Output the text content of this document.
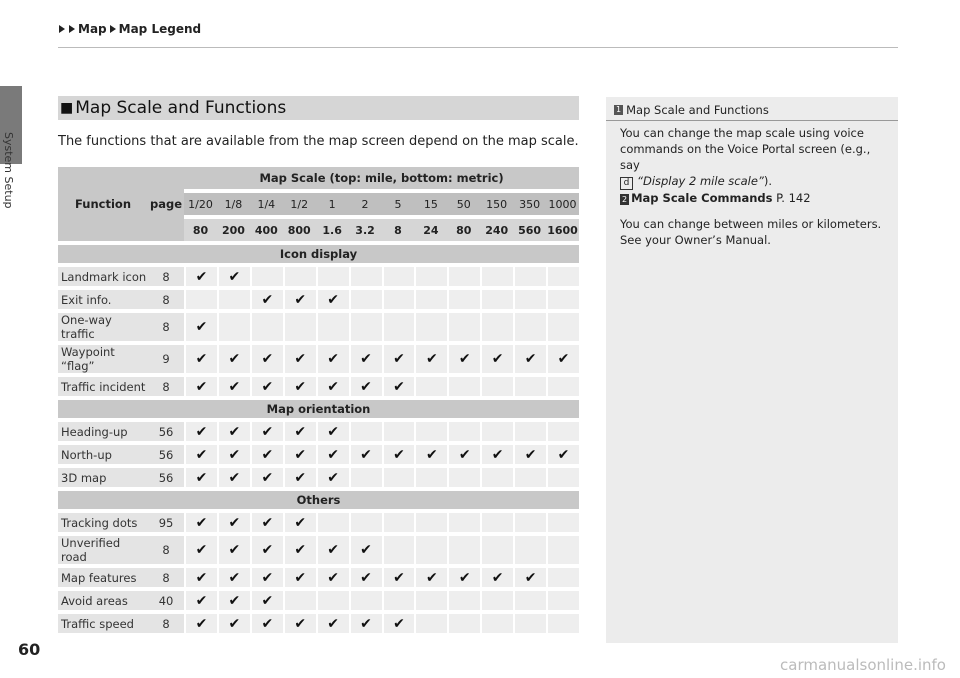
Map Map Legend
System Setup
60
■ Map Scale and Functions
The functions that are available from the map screen depend on the map scale.
Function	page	Map Scale (top: mile, bottom: metric)											
		1/20	1/8	1/4	1/2	1	2	5	15	50	150	350	1000
		80	200	400	800	1.6	3.2	8	24	80	240	560	1600
Icon display													
Landmark icon	8	✔	✔										
Exit info.	8			✔	✔	✔							
One-way traffic	8	✔											
Waypoint “flag”	9	✔	✔	✔	✔	✔	✔	✔	✔	✔	✔	✔	✔
Traffic incident	8	✔	✔	✔	✔	✔	✔	✔					
Map orientation													
Heading-up	56	✔	✔	✔	✔	✔							
North-up	56	✔	✔	✔	✔	✔	✔	✔	✔	✔	✔	✔	✔
3D map	56	✔	✔	✔	✔	✔							
Others													
Tracking dots	95	✔	✔	✔	✔								
Unverified road	8	✔	✔	✔	✔	✔	✔						
Map features	8	✔	✔	✔	✔	✔	✔	✔	✔	✔	✔	✔	
Avoid areas	40	✔	✔	✔									
Traffic speed	8	✔	✔	✔	✔	✔	✔	✔					
1 Map Scale and Functions

You can change the map scale using voice commands on the Voice Portal screen (e.g., say
d “Display 2 mile scale”).
2 Map Scale Commands P. 142

You can change between miles or kilometers. See your Owner’s Manual.

carmanualsonline.info
